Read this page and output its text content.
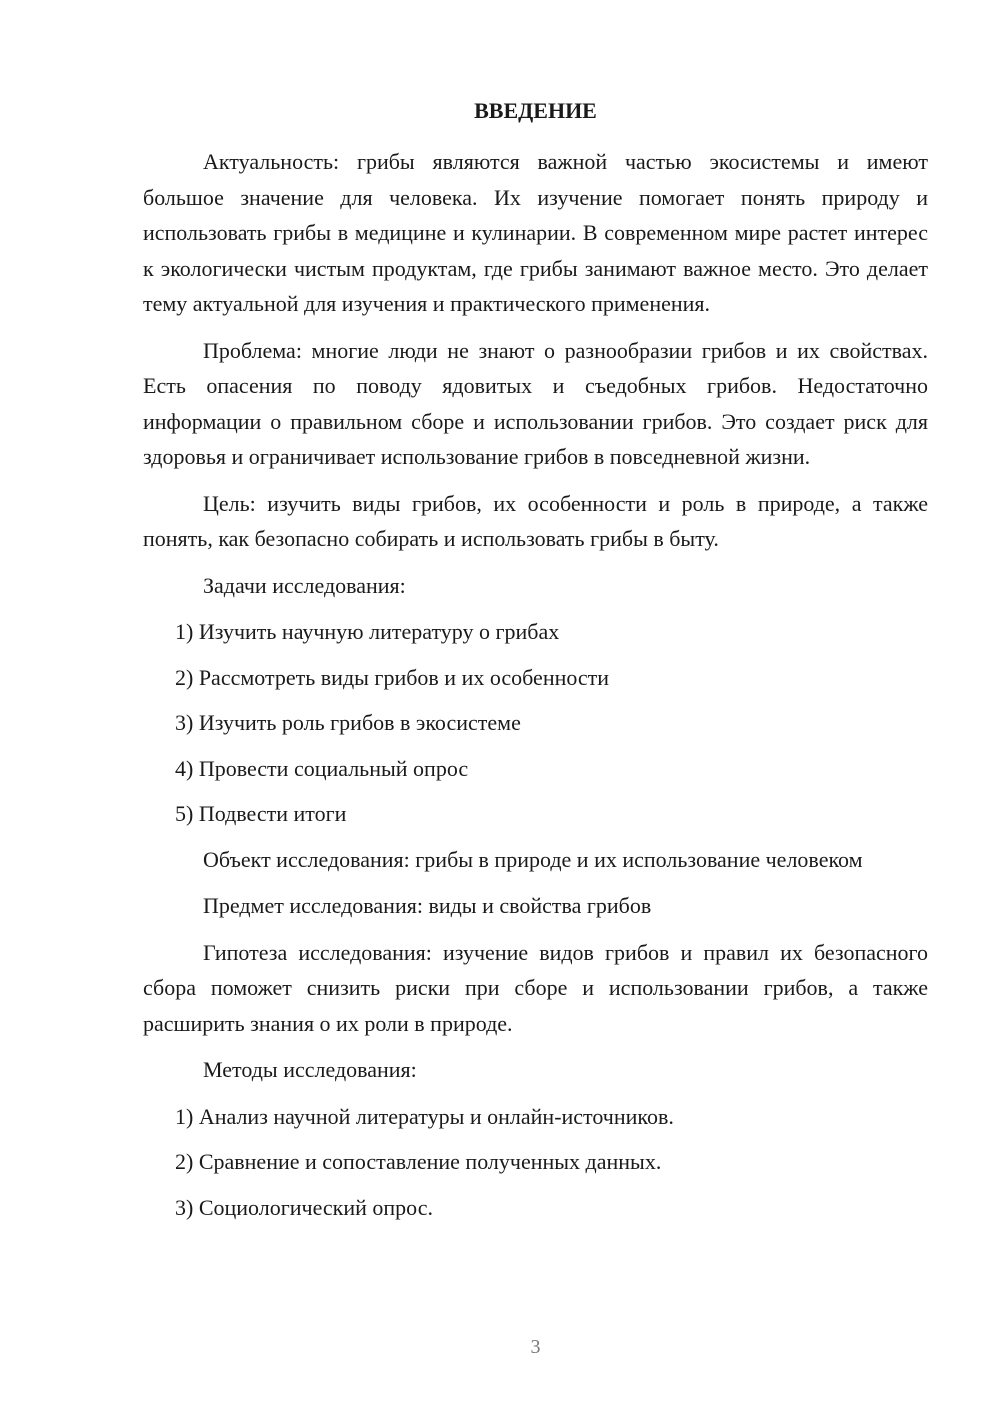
ВВЕДЕНИЕ

Актуальность: грибы являются важной частью экосистемы и имеют большое значение для человека. Их изучение помогает понять природу и использовать грибы в медицине и кулинарии. В современном мире растет интерес к экологически чистым продуктам, где грибы занимают важное место. Это делает тему актуальной для изучения и практического применения.

Проблема: многие люди не знают о разнообразии грибов и их свойствах. Есть опасения по поводу ядовитых и съедобных грибов. Недостаточно информации о правильном сборе и использовании грибов. Это создает риск для здоровья и ограничивает использование грибов в повседневной жизни.

Цель: изучить виды грибов, их особенности и роль в природе, а также понять, как безопасно собирать и использовать грибы в быту.

Задачи исследования:

1) Изучить научную литературу о грибах
2) Рассмотреть виды грибов и их особенности
3) Изучить роль грибов в экосистеме
4) Провести социальный опрос
5) Подвести итоги

Объект исследования: грибы в природе и их использование человеком

Предмет исследования: виды и свойства грибов

Гипотеза исследования: изучение видов грибов и правил их безопасного сбора поможет снизить риски при сборе и использовании грибов, а также расширить знания о их роли в природе.

Методы исследования:

1) Анализ научной литературы и онлайн-источников.
2) Сравнение и сопоставление полученных данных.
3) Социологический опрос.
3
